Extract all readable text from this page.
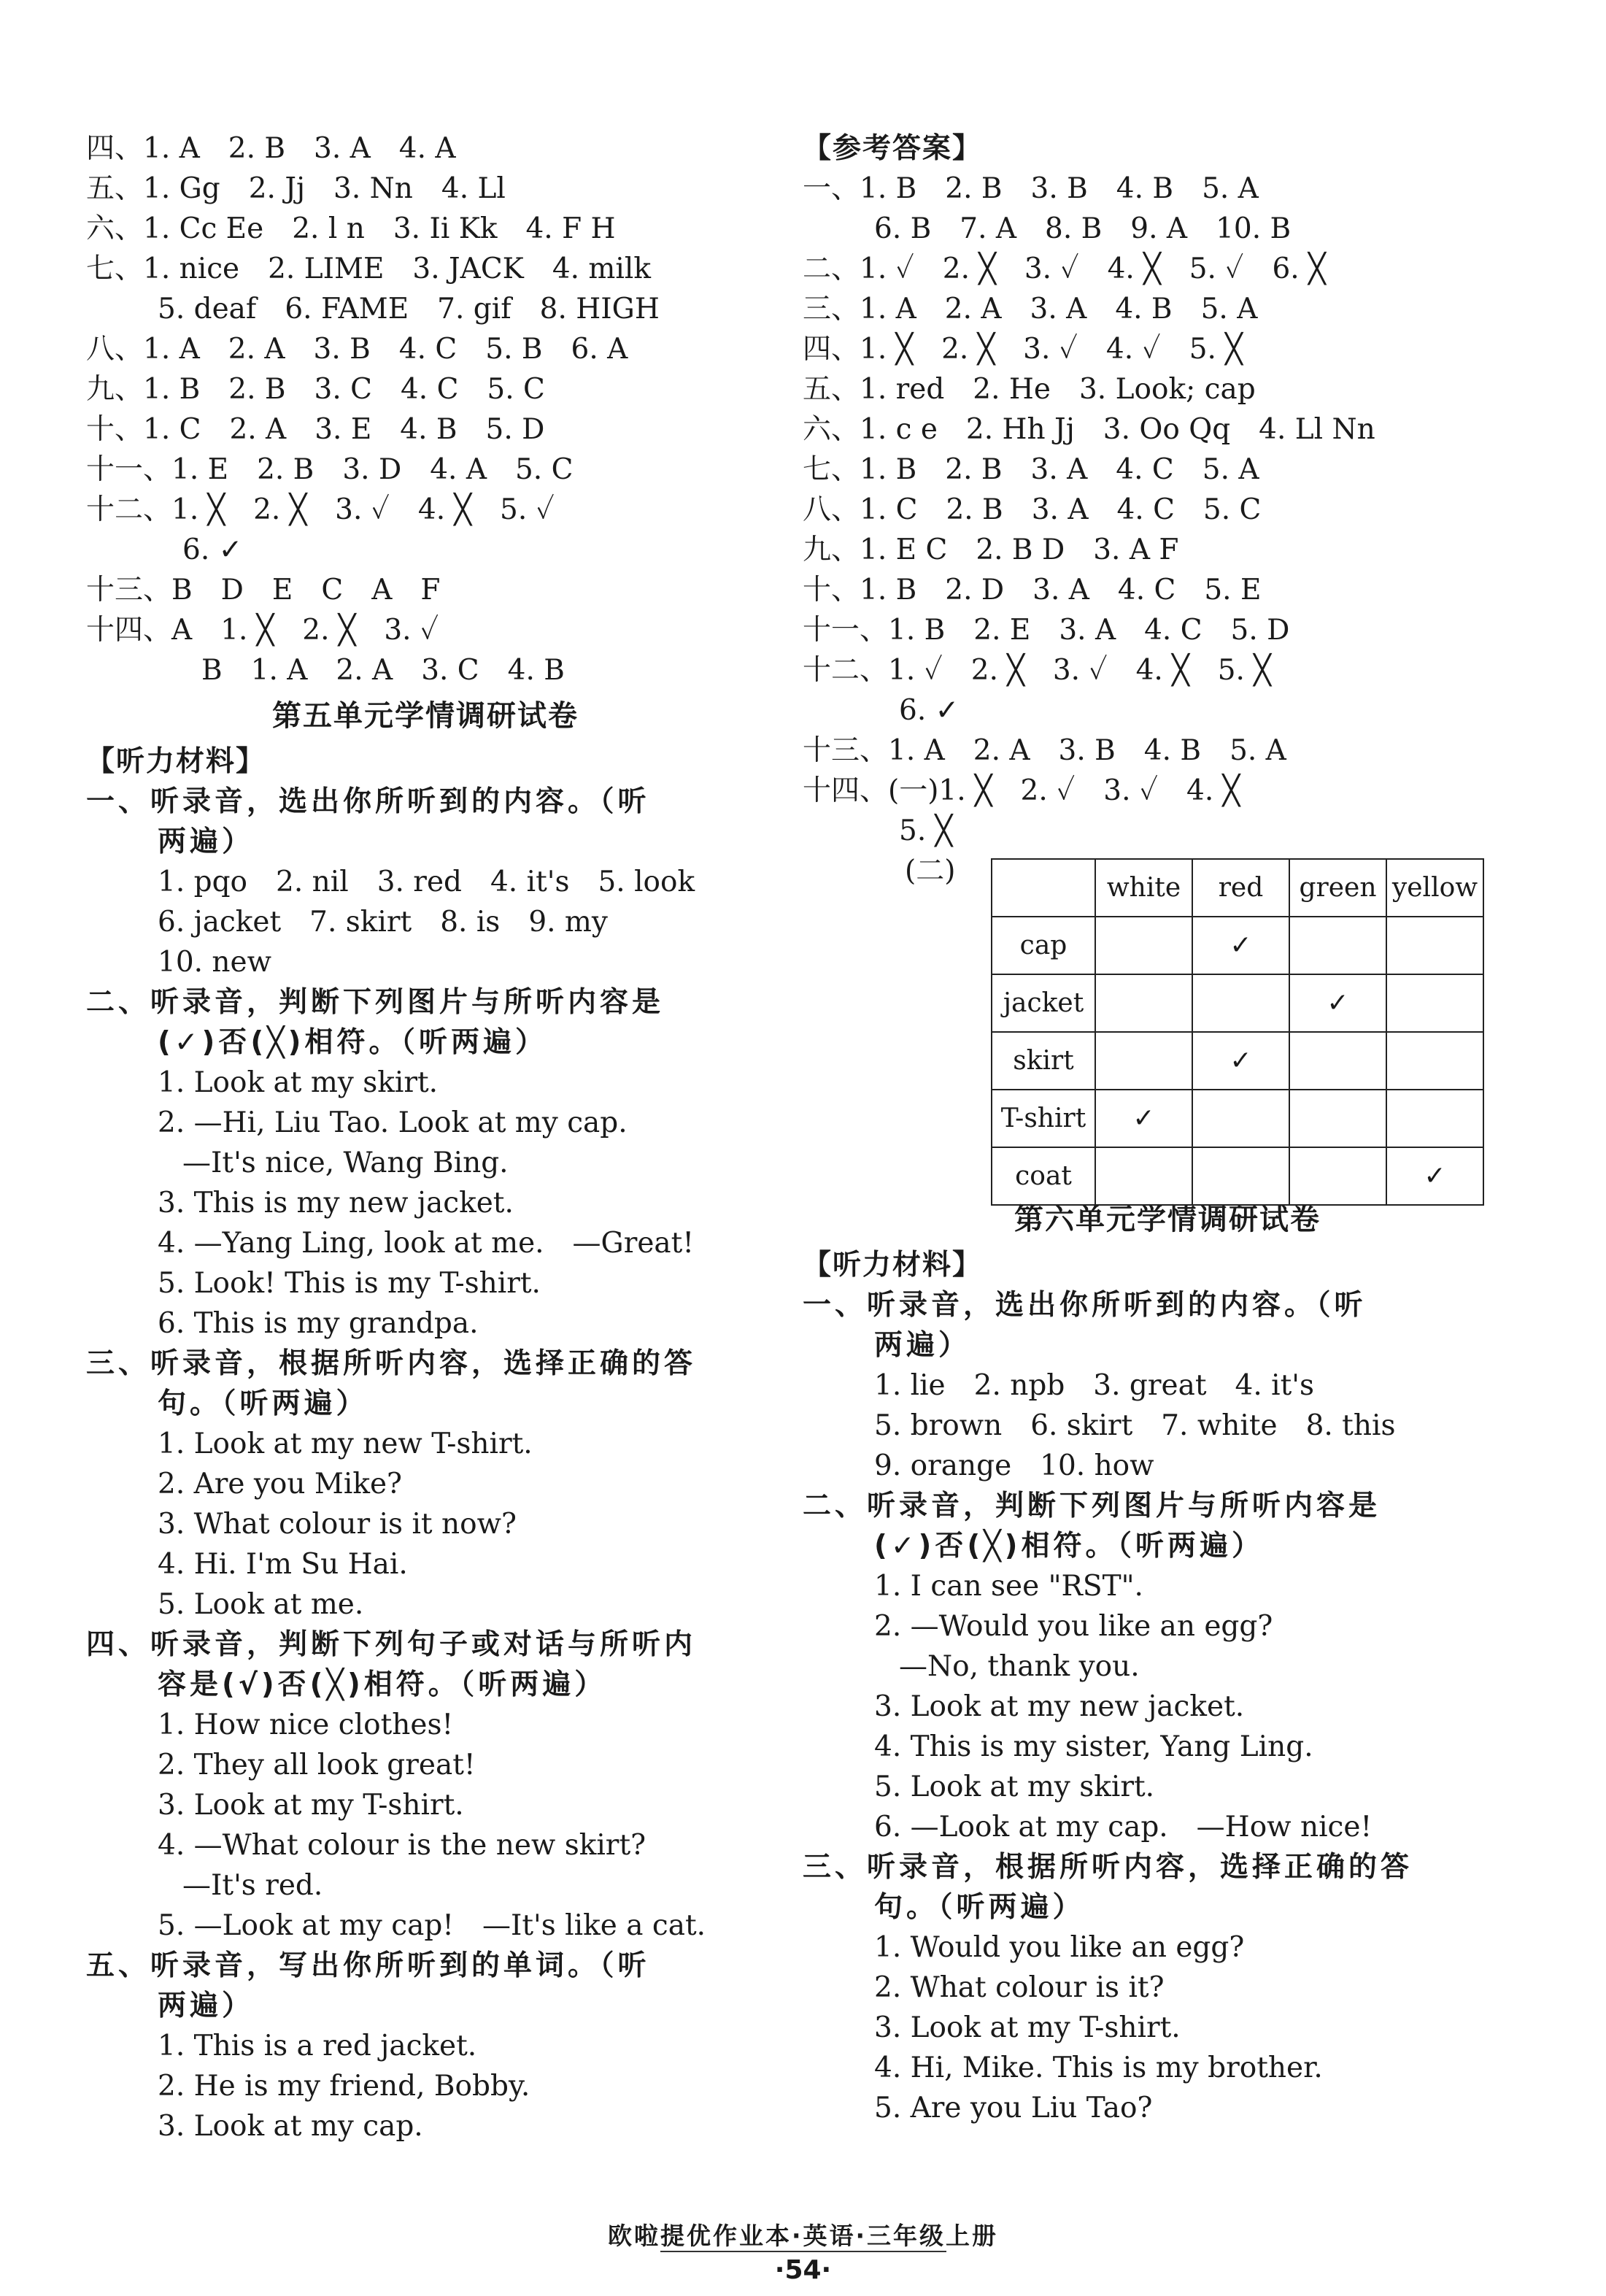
四、1. A　2. B　3. A　4. A
五、1. Gg　2. Jj　3. Nn　4. Ll
六、1. Cc Ee　2. l n　3. Ii Kk　4. F H
七、1. nice　2. LIME　3. JACK　4. milk
5. deaf　6. FAME　7. gif　8. HIGH
八、1. A　2. A　3. B　4. C　5. B　6. A
九、1. B　2. B　3. C　4. C　5. C
十、1. C　2. A　3. E　4. B　5. D
十一、1. E　2. B　3. D　4. A　5. C
十二、1. ╳　2. ╳　3. ✓　4. ╳　5. ✓
6. ✓
十三、B　D　E　C　A　F
十四、A　1. ╳　2. ╳　3. ✓
B　1. A　2. A　3. C　4. B
第五单元学情调研试卷
【听力材料】
一、听录音，选出你所听到的内容。（听
两遍）
1. pqo　2. nil　3. red　4. it's　5. look
6. jacket　7. skirt　8. is　9. my
10. new
二、听录音，判断下列图片与所听内容是
(✓)否(╳)相符。（听两遍）
1. Look at my skirt.
2. —Hi, Liu Tao. Look at my cap.
—It's nice, Wang Bing.
3. This is my new jacket.
4. —Yang Ling, look at me.　—Great!
5. Look! This is my T-shirt.
6. This is my grandpa.
三、听录音，根据所听内容，选择正确的答
句。（听两遍）
1. Look at my new T-shirt.
2. Are you Mike?
3. What colour is it now?
4. Hi. I'm Su Hai.
5. Look at me.
四、听录音，判断下列句子或对话与所听内
容是(√)否(╳)相符。（听两遍）
1. How nice clothes!
2. They all look great!
3. Look at my T-shirt.
4. —What colour is the new skirt?
—It's red.
5. —Look at my cap!　—It's like a cat.
五、听录音，写出你所听到的单词。（听
两遍）
1. This is a red jacket.
2. He is my friend, Bobby.
3. Look at my cap.
【参考答案】
一、1. B　2. B　3. B　4. B　5. A
6. B　7. A　8. B　9. A　10. B
二、1. ✓　2. ╳　3. ✓　4. ╳　5. ✓　6. ╳
三、1. A　2. A　3. A　4. B　5. A
四、1. ╳　2. ╳　3. ✓　4. ✓　5. ╳
五、1. red　2. He　3. Look; cap
六、1. c e　2. Hh Jj　3. Oo Qq　4. Ll Nn
七、1. B　2. B　3. A　4. C　5. A
八、1. C　2. B　3. A　4. C　5. C
九、1. E C　2. B D　3. A F
十、1. B　2. D　3. A　4. C　5. E
十一、1. B　2. E　3. A　4. C　5. D
十二、1. ✓　2. ╳　3. ✓　4. ╳　5. ╳
6. ✓
十三、1. A　2. A　3. B　4. B　5. A
十四、(一)1. ╳　2. ✓　3. ✓　4. ╳
5. ╳
(二)
	white	red	green	yellow
cap		✓		
jacket			✓	
skirt		✓		
T-shirt	✓			
coat				✓
第六单元学情调研试卷
【听力材料】
一、听录音，选出你所听到的内容。（听
两遍）
1. lie　2. npb　3. great　4. it's
5. brown　6. skirt　7. white　8. this
9. orange　10. how
二、听录音，判断下列图片与所听内容是
(✓)否(╳)相符。（听两遍）
1. I can see "RST".
2. —Would you like an egg?
—No, thank you.
3. Look at my new jacket.
4. This is my sister, Yang Ling.
5. Look at my skirt.
6. —Look at my cap.　—How nice!
三、听录音，根据所听内容，选择正确的答
句。（听两遍）
1. Would you like an egg?
2. What colour is it?
3. Look at my T-shirt.
4. Hi, Mike. This is my brother.
5. Are you Liu Tao?
欧啦提优作业本·英语·三年级上册
·54·
